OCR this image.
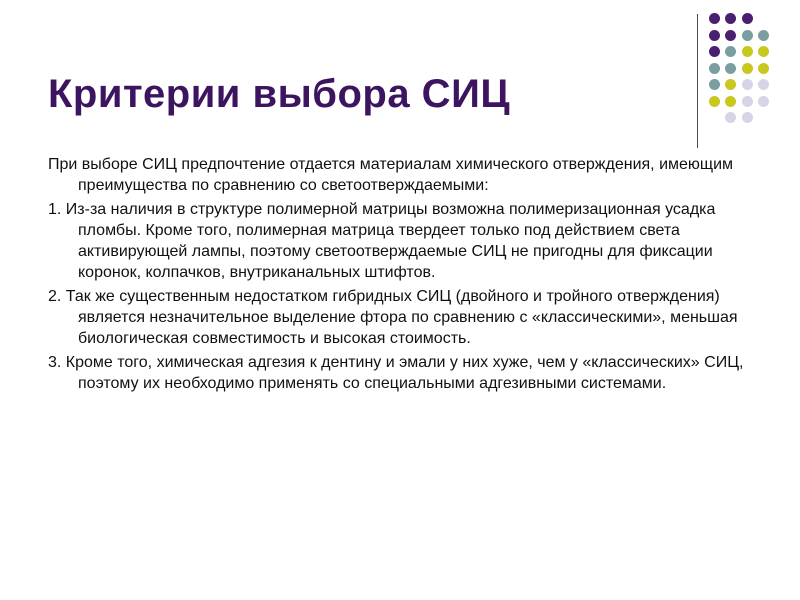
Критерии выбора СИЦ

При выборе СИЦ предпочтение отдается материалам химического отверждения, имеющим преимущества по сравнению со светоотверждаемыми:

1. Из-за наличия в структуре полимерной матрицы возможна полимеризационная усадка пломбы. Кроме того, полимерная матрица твердеет только под действием света активирующей лампы, поэтому светоотверждаемые СИЦ не пригодны для фиксации коронок, колпачков, внутриканальных штифтов.

2. Так же существенным недостатком гибридных СИЦ (двойного и тройного отверждения) является незначительное выделение фтора по сравнению с «классическими», меньшая биологическая совместимость и высокая стоимость.

3. Кроме того, химическая адгезия к дентину и эмали у них хуже, чем у «классических» СИЦ, поэтому их необходимо применять со специальными адгезивными системами.
